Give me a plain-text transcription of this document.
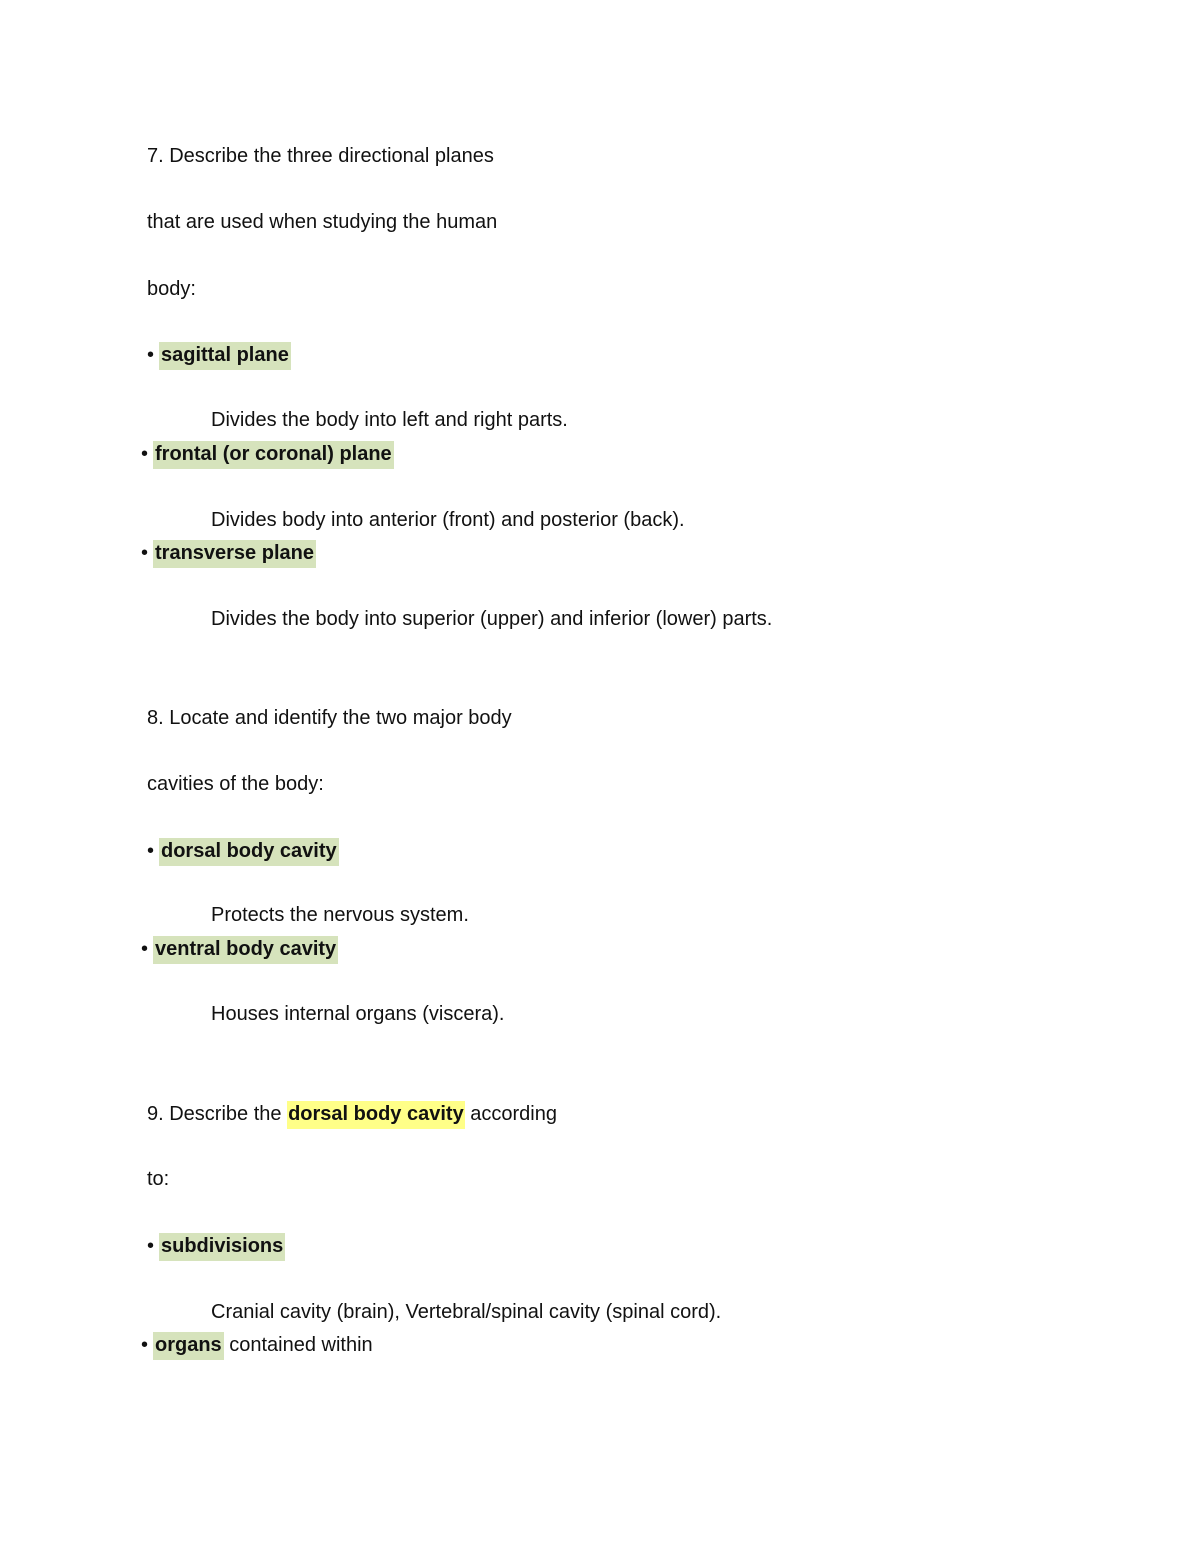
7. Describe the three directional planes
that are used when studying the human
body:
• sagittal plane
Divides the body into left and right parts.
• frontal (or coronal) plane
Divides body into anterior (front) and posterior (back).
• transverse plane
Divides the body into superior (upper) and inferior (lower) parts.
8. Locate and identify the two major body
cavities of the body:
• dorsal body cavity
Protects the nervous system.
• ventral body cavity
Houses internal organs (viscera).
9. Describe the dorsal body cavity according
to:
• subdivisions
Cranial cavity (brain), Vertebral/spinal cavity (spinal cord).
• organs contained within
